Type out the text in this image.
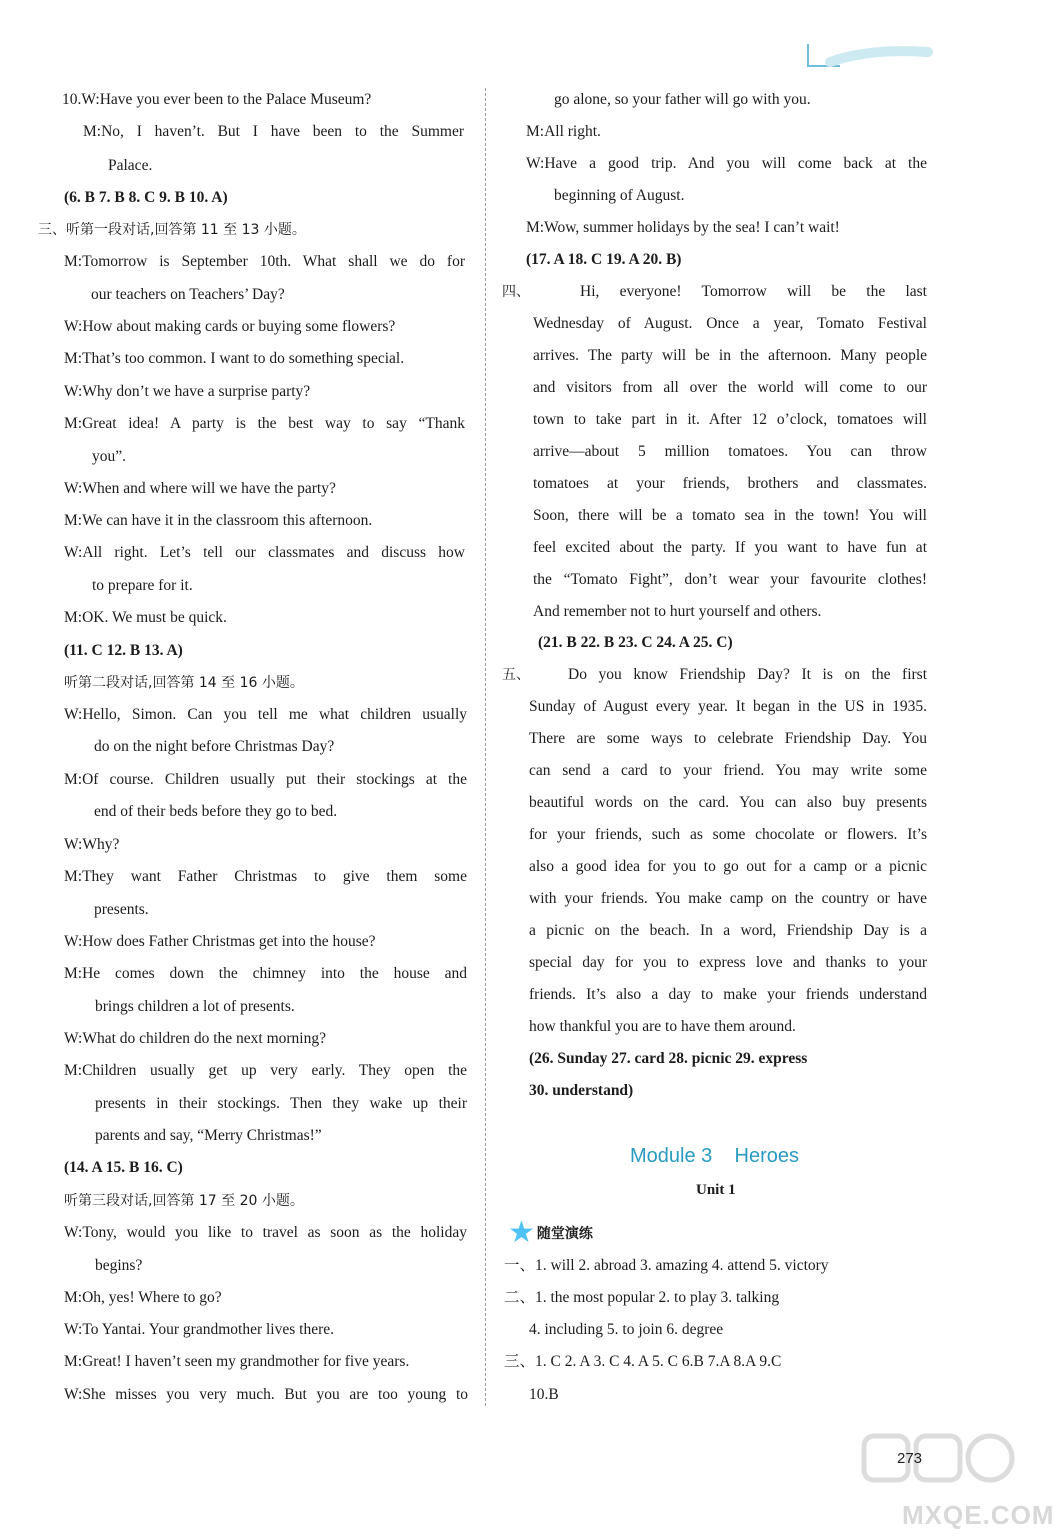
Module 3    Heroes
Unit 1
★ 随堂演练
MXQE.COM
273
10.W:Have you ever been to the Palace Museum?
M:No, I haven’t. But I have been to the Summer
Palace.
(6. B 7. B 8. C 9. B 10. A)
三、听第一段对话,回答第 11 至 13 小题。
M:Tomorrow is September 10th. What shall we do for
our teachers on Teachers’ Day?
W:How about making cards or buying some flowers?
M:That’s too common. I want to do something special.
W:Why don’t we have a surprise party?
M:Great idea! A party is the best way to say “Thank
you”.
W:When and where will we have the party?
M:We can have it in the classroom this afternoon.
W:All right. Let’s tell our classmates and discuss how
to prepare for it.
M:OK. We must be quick.
(11. C 12. B 13. A)
听第二段对话,回答第 14 至 16 小题。
W:Hello, Simon. Can you tell me what children usually
do on the night before Christmas Day?
M:Of course. Children usually put their stockings at the
end of their beds before they go to bed.
W:Why?
M:They want Father Christmas to give them some
presents.
W:How does Father Christmas get into the house?
M:He comes down the chimney into the house and
brings children a lot of presents.
W:What do children do the next morning?
M:Children usually get up very early. They open the
presents in their stockings. Then they wake up their
parents and say, “Merry Christmas!”
(14. A 15. B 16. C)
听第三段对话,回答第 17 至 20 小题。
W:Tony, would you like to travel as soon as the holiday
begins?
M:Oh, yes! Where to go?
W:To Yantai. Your grandmother lives there.
M:Great! I haven’t seen my grandmother for five years.
W:She misses you very much. But you are too young to
go alone, so your father will go with you.
M:All right.
W:Have a good trip. And you will come back at the
beginning of August.
M:Wow, summer holidays by the sea! I can’t wait!
(17. A 18. C 19. A 20. B)
四、	Hi, everyone! Tomorrow will be the last
Wednesday of August. Once a year, Tomato Festival
arrives. The party will be in the afternoon. Many people
and visitors from all over the world will come to our
town to take part in it. After 12 o’clock, tomatoes will
arrive—about 5 million tomatoes. You can throw
tomatoes at your friends, brothers and classmates.
Soon, there will be a tomato sea in the town! You will
feel excited about the party. If you want to have fun at
the “Tomato Fight”, don’t wear your favourite clothes!
And remember not to hurt yourself and others.
(21. B 22. B 23. C 24. A 25. C)
五、 Do you know Friendship Day? It is on the first
Sunday of August every year. It began in the US in 1935.
There are some ways to celebrate Friendship Day. You
can send a card to your friend. You may write some
beautiful words on the card. You can also buy presents
for your friends, such as some chocolate or flowers. It’s
also a good idea for you to go out for a camp or a picnic
with your friends. You make camp on the country or have
a picnic on the beach. In a word, Friendship Day is a
special day for you to express love and thanks to your
friends. It’s also a day to make your friends understand
how thankful you are to have them around.
(26. Sunday 27. card 28. picnic 29. express
30. understand)
一、1. will 2. abroad 3. amazing 4. attend 5. victory
二、1. the most popular 2. to play 3. talking
4. including 5. to join 6. degree
三、1. C 2. A 3. C 4. A 5. C 6.B 7.A 8.A 9.C
10.B
